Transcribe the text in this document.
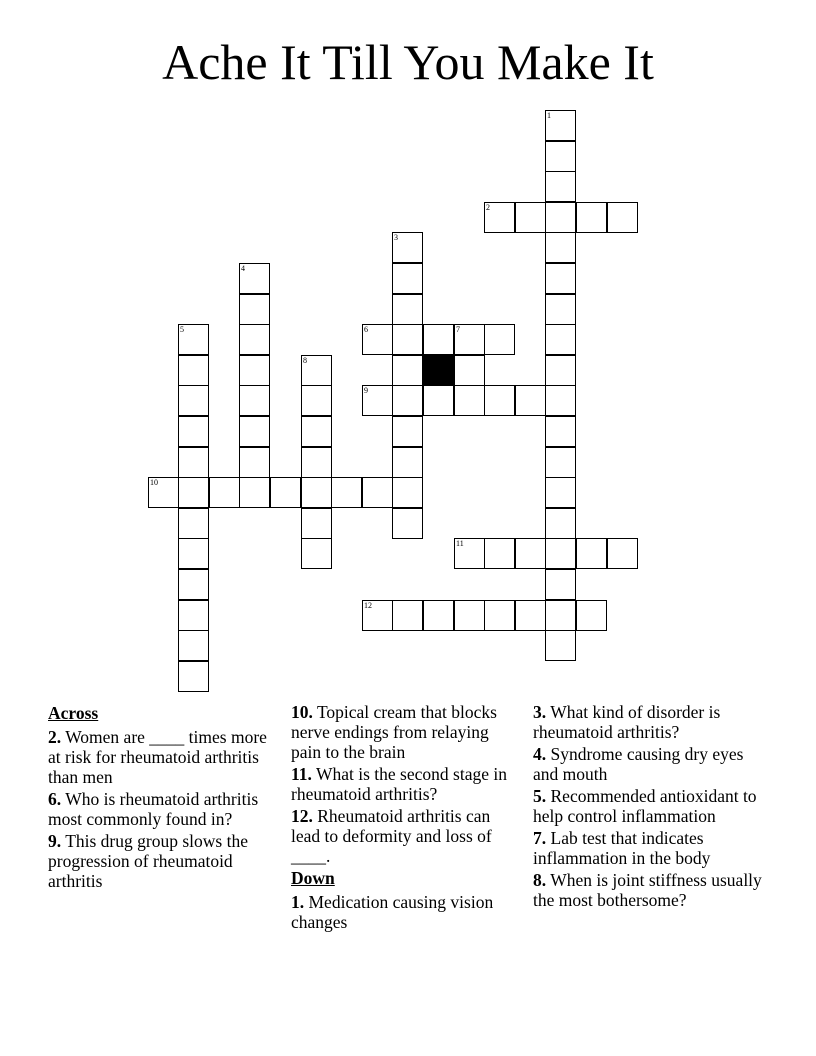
Ache It Till You Make It
1
2
3
4
5	6	7
8
9
10
11
12
Across
2. Women are ____ times more at risk for rheumatoid arthritis than men
6. Who is rheumatoid arthritis most commonly found in?
9. This drug group slows the progression of rheumatoid arthritis
10. Topical cream that blocks nerve endings from relaying pain to the brain
11. What is the second stage in rheumatoid arthritis?
12. Rheumatoid arthritis can lead to deformity and loss of ____.
Down
1. Medication causing vision changes
3. What kind of disorder is rheumatoid arthritis?
4. Syndrome causing dry eyes and mouth
5. Recommended antioxidant to help control inflammation
7. Lab test that indicates inflammation in the body
8. When is joint stiffness usually the most bothersome?
